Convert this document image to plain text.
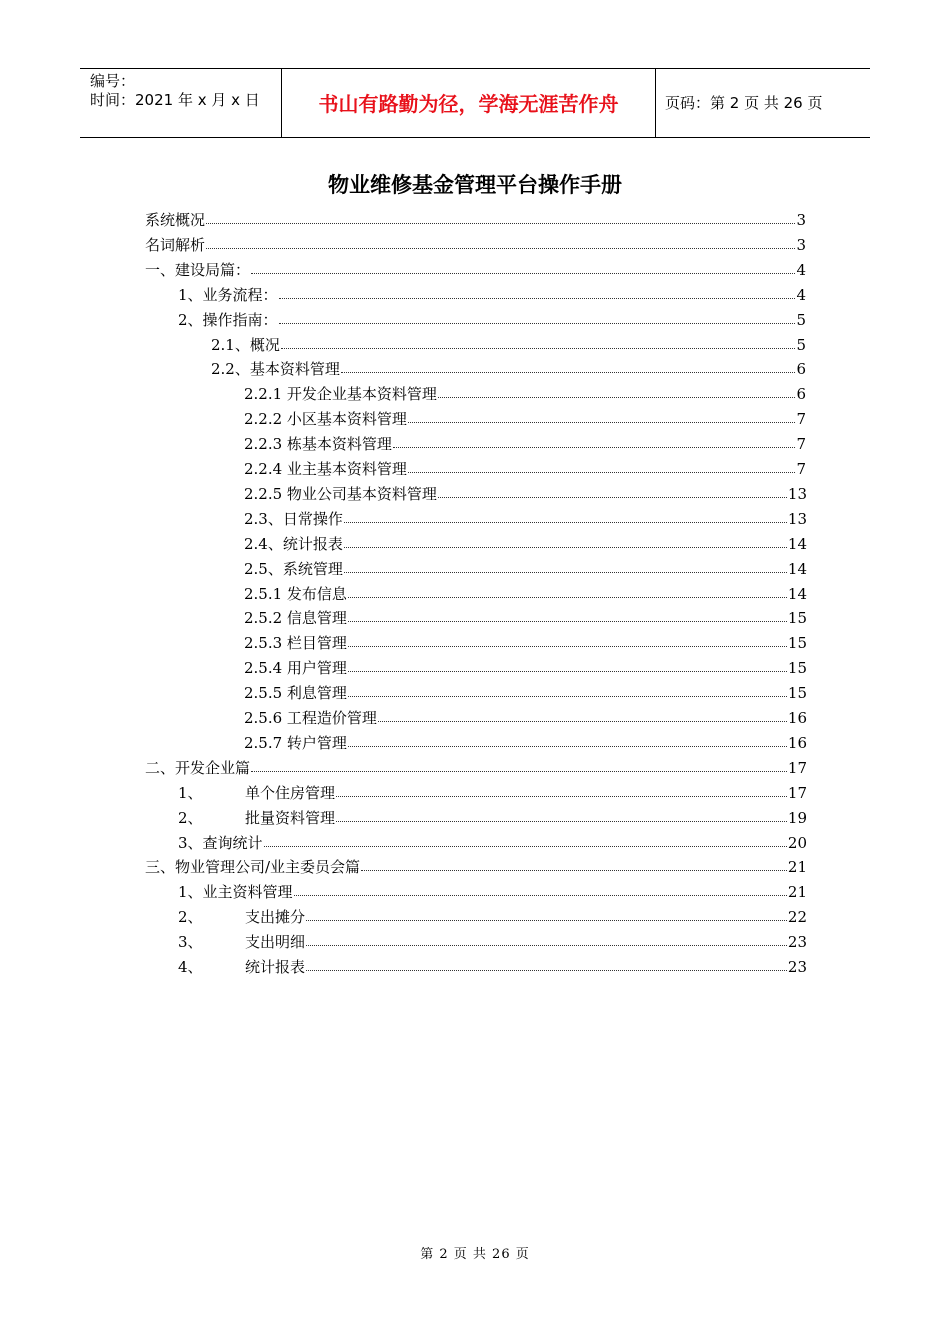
编号：
时间：2021 年 x 月 x 日	书山有路勤为径，学海无涯苦作舟	页码：第 2 页 共 26 页
物业维修基金管理平台操作手册
系统概况	3
名词解析	3
一、建设局篇：	4
1、业务流程：	4
2、操作指南：	5
2.1、概况	5
2.2、基本资料管理	6
2.2.1 开发企业基本资料管理	6
2.2.2 小区基本资料管理	7
2.2.3 栋基本资料管理	7
2.2.4 业主基本资料管理	7
2.2.5 物业公司基本资料管理	13
2.3、日常操作	13
2.4、统计报表	14
2.5、系统管理	14
2.5.1 发布信息	14
2.5.2 信息管理	15
2.5.3 栏目管理	15
2.5.4 用户管理	15
2.5.5 利息管理	15
2.5.6 工程造价管理	16
2.5.7 转户管理	16
二、开发企业篇	17
1、	单个住房管理	17
2、	批量资料管理	19
3、查询统计	20
三、物业管理公司/业主委员会篇	21
1、业主资料管理	21
2、	支出摊分	22
3、	支出明细	23
4、	统计报表	23
第 2 页 共 26 页
